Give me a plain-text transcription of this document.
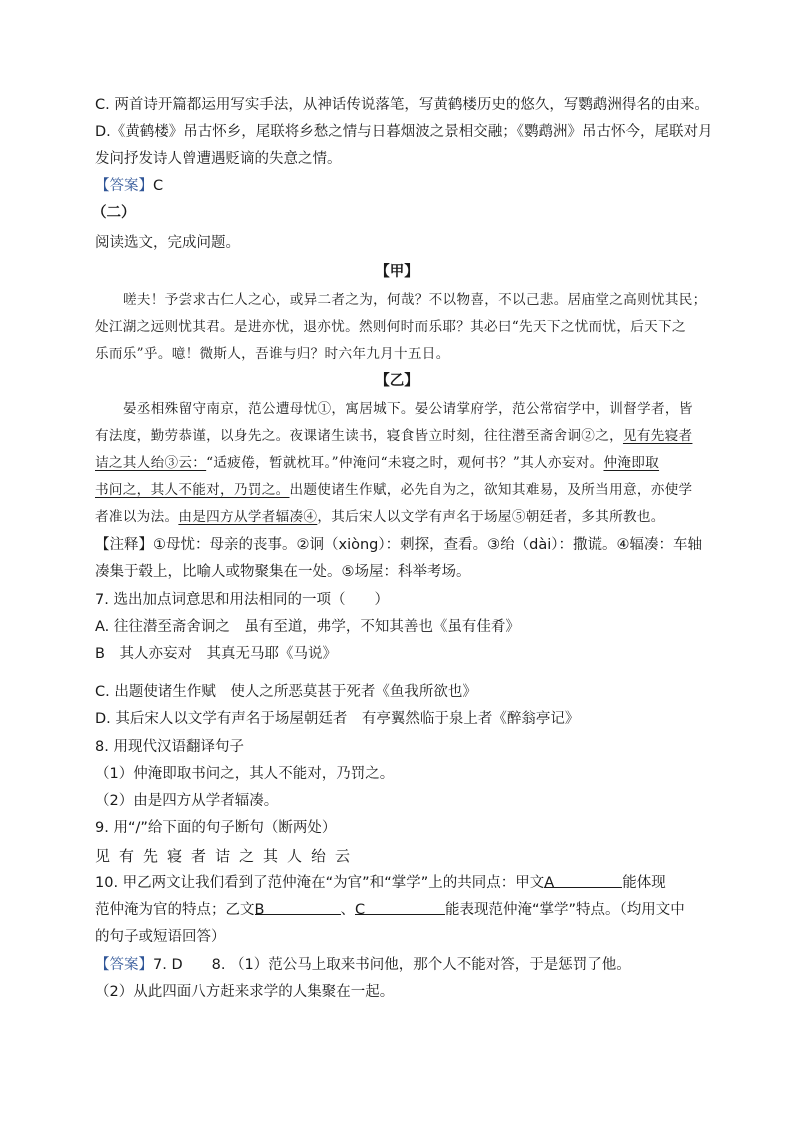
C. 两首诗开篇都运用写实手法，从神话传说落笔，写黄鹤楼历史的悠久，写鹦鹉洲得名的由来。
D.《黄鹤楼》吊古怀乡，尾联将乡愁之情与日暮烟波之景相交融；《鹦鹉洲》吊古怀今，尾联对月
发问抒发诗人曾遭遇贬谪的失意之情。
【答案】C
（二）
阅读选文，完成问题。
【甲】
嗟夫！予尝求古仁人之心，或异二者之为，何哉？不以物喜，不以己悲。居庙堂之高则忧其民；
处江湖之远则忧其君。是进亦忧，退亦忧。然则何时而乐耶？其必曰“先天下之忧而忧，后天下之
乐而乐”乎。噫！微斯人，吾谁与归？时六年九月十五日。
【乙】
晏丞相殊留守南京，范公遭母忧①，寓居城下。晏公请掌府学，范公常宿学中，训督学者，皆
有法度，勤劳恭谨，以身先之。夜课诸生读书，寝食皆立时刻，往往潜至斋舍诇②之，见有先寝者
诘之其人绐③云：“适疲倦，暂就枕耳。”仲淹问“未寝之时，观何书？”其人亦妄对。仲淹即取
书问之，其人不能对，乃罚之。出题使诸生作赋，必先自为之，欲知其难易，及所当用意，亦使学
者准以为法。由是四方从学者辐凑④，其后宋人以文学有声名于场屋⑤朝廷者，多其所教也。
【注释】①母忧：母亲的丧事。②诇（xiòng）：刺探，查看。③绐（dài）：撒谎。④辐凑：车轴
凑集于毂上，比喻人或物聚集在一处。⑤场屋：科举考场。
7. 选出加点词意思和用法相同的一项（　　）
A. 往往潜至斋舍诇之　虽有至道，弗学，不知其善也《虽有佳肴》
B　其人亦妄对　其真无马耶《马说》
C. 出题使诸生作赋　使人之所恶莫甚于死者《鱼我所欲也》
D. 其后宋人以文学有声名于场屋朝廷者　有亭翼然临于泉上者《醉翁亭记》
8. 用现代汉语翻译句子
（1）仲淹即取书问之，其人不能对，乃罚之。
（2）由是四方从学者辐凑。
9. 用“/”给下面的句子断句（断两处）
见有先寝者诘之其人绐云
10. 甲乙两文让我们看到了范仲淹在“为官”和“掌学”上的共同点：甲文A	能体现
范仲淹为官的特点；乙文B	、C	能表现范仲淹“掌学”特点。（均用文中
的句子或短语回答）
【答案】7. D　　8. （1）范公马上取来书问他，那个人不能对答，于是惩罚了他。
（2）从此四面八方赶来求学的人集聚在一起。
